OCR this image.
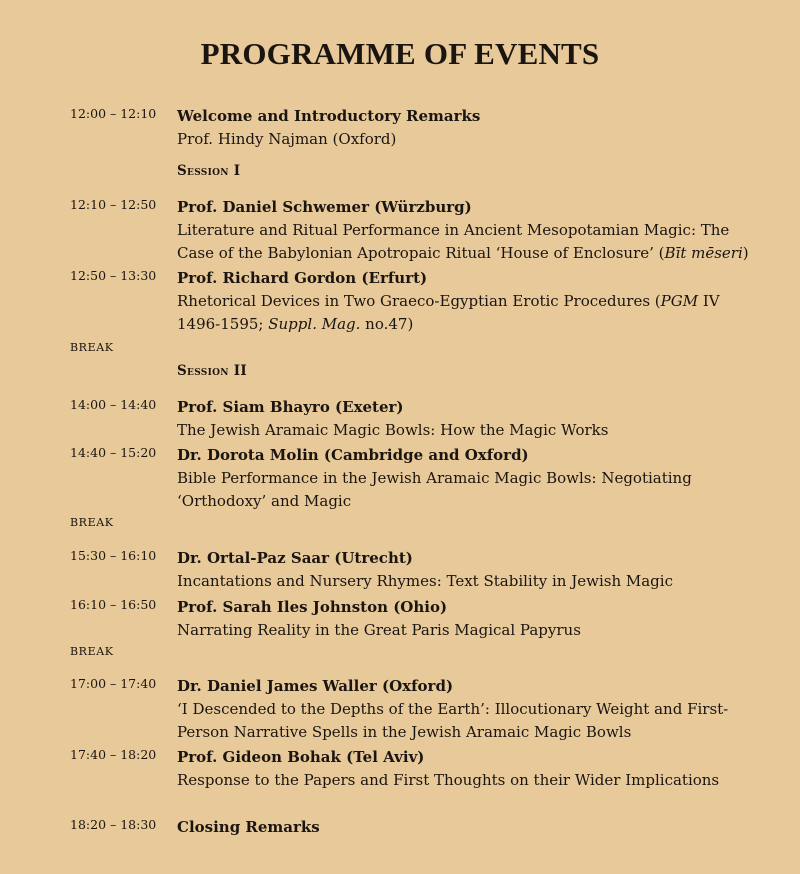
PROGRAMME OF EVENTS
12:00 – 12:10 Welcome and Introductory Remarks
Prof. Hindy Najman (Oxford)
Session I
12:10 – 12:50 Prof. Daniel Schwemer (Würzburg)
Literature and Ritual Performance in Ancient Mesopotamian Magic: The Case of the Babylonian Apotropaic Ritual ‘House of Enclosure’ (Bīt mēseri)
12:50 – 13:30 Prof. Richard Gordon (Erfurt)
Rhetorical Devices in Two Graeco-Egyptian Erotic Procedures (PGM IV 1496-1595; Suppl. Mag. no.47)
BREAK
Session II
14:00 – 14:40 Prof. Siam Bhayro (Exeter)
The Jewish Aramaic Magic Bowls: How the Magic Works
14:40 – 15:20 Dr. Dorota Molin (Cambridge and Oxford)
Bible Performance in the Jewish Aramaic Magic Bowls: Negotiating ‘Orthodoxy’ and Magic
BREAK
15:30 – 16:10 Dr. Ortal-Paz Saar (Utrecht)
Incantations and Nursery Rhymes: Text Stability in Jewish Magic
16:10 – 16:50 Prof. Sarah Iles Johnston (Ohio)
Narrating Reality in the Great Paris Magical Papyrus
BREAK
17:00 – 17:40 Dr. Daniel James Waller (Oxford)
‘I Descended to the Depths of the Earth’: Illocutionary Weight and First-Person Narrative Spells in the Jewish Aramaic Magic Bowls
17:40 – 18:20 Prof. Gideon Bohak (Tel Aviv)
Response to the Papers and First Thoughts on their Wider Implications
18:20 – 18:30 Closing Remarks
